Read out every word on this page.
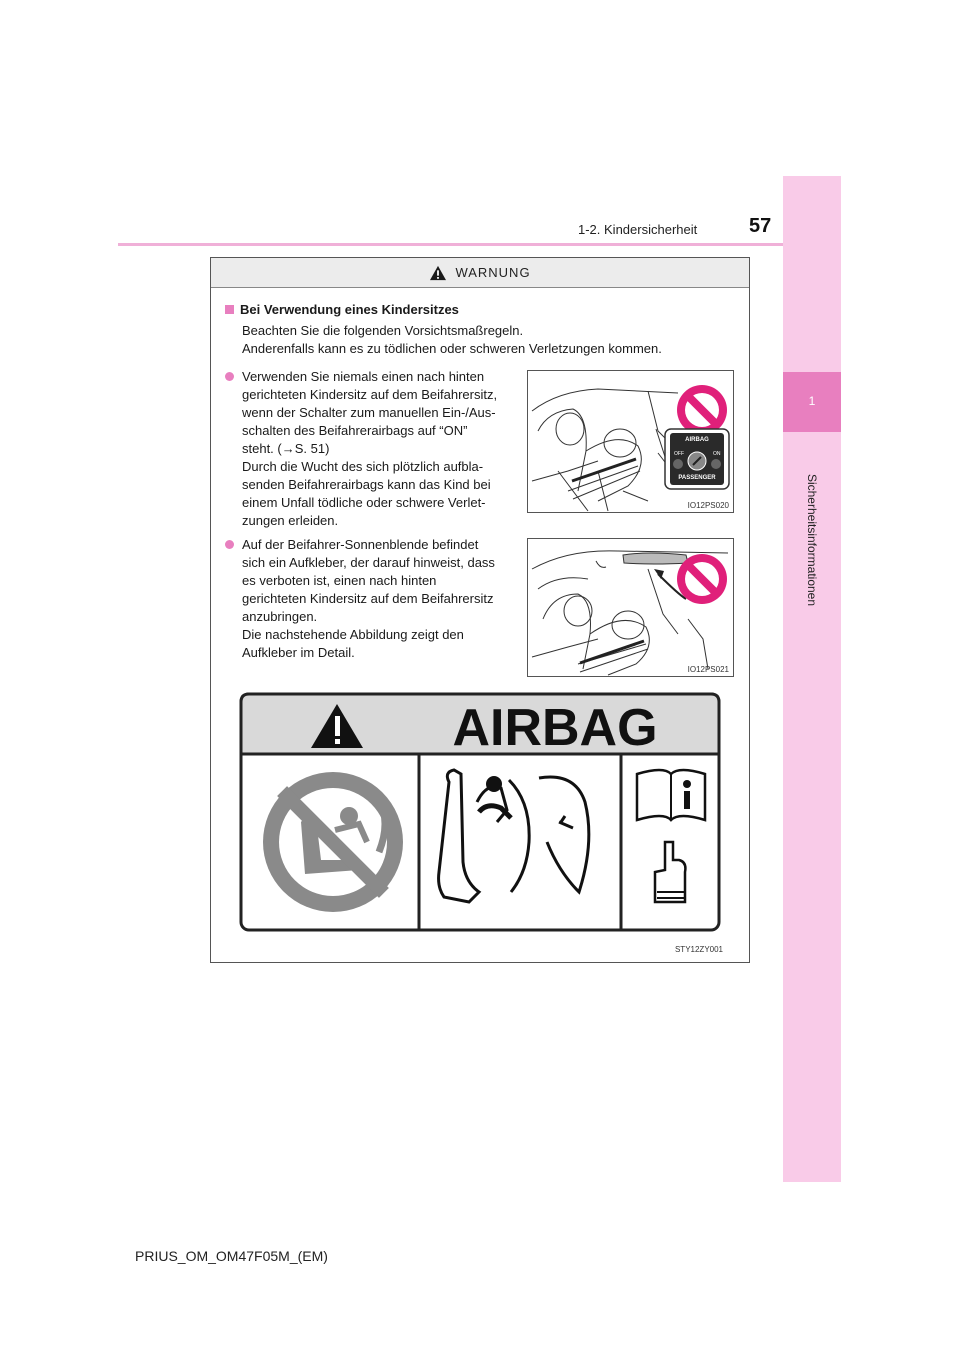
1-2. Kindersicherheit	57
1
Sicherheitsinformationen
WARNUNG
Bei Verwendung eines Kindersitzes
Beachten Sie die folgenden Vorsichtsmaßregeln.
Anderenfalls kann es zu tödlichen oder schweren Verletzungen kommen.
Verwenden Sie niemals einen nach hinten
gerichteten Kindersitz auf dem Beifahrersitz,
wenn der Schalter zum manuellen Ein-/Aus-
schalten des Beifahrerairbags auf “ON”
steht. (→S. 51)
Durch die Wucht des sich plötzlich aufbla-
senden Beifahrerairbags kann das Kind bei
einem Unfall tödliche oder schwere Verlet-
zungen erleiden.
AIRBAG
OFF	ON
PASSENGER
IO12PS020
Auf der Beifahrer-Sonnenblende befindet
sich ein Aufkleber, der darauf hinweist, dass
es verboten ist, einen nach hinten
gerichteten Kindersitz auf dem Beifahrersitz
anzubringen.
Die nachstehende Abbildung zeigt den
Aufkleber im Detail.
IO12PS021
AIRBAG
STY12ZY001
PRIUS_OM_OM47F05M_(EM)
